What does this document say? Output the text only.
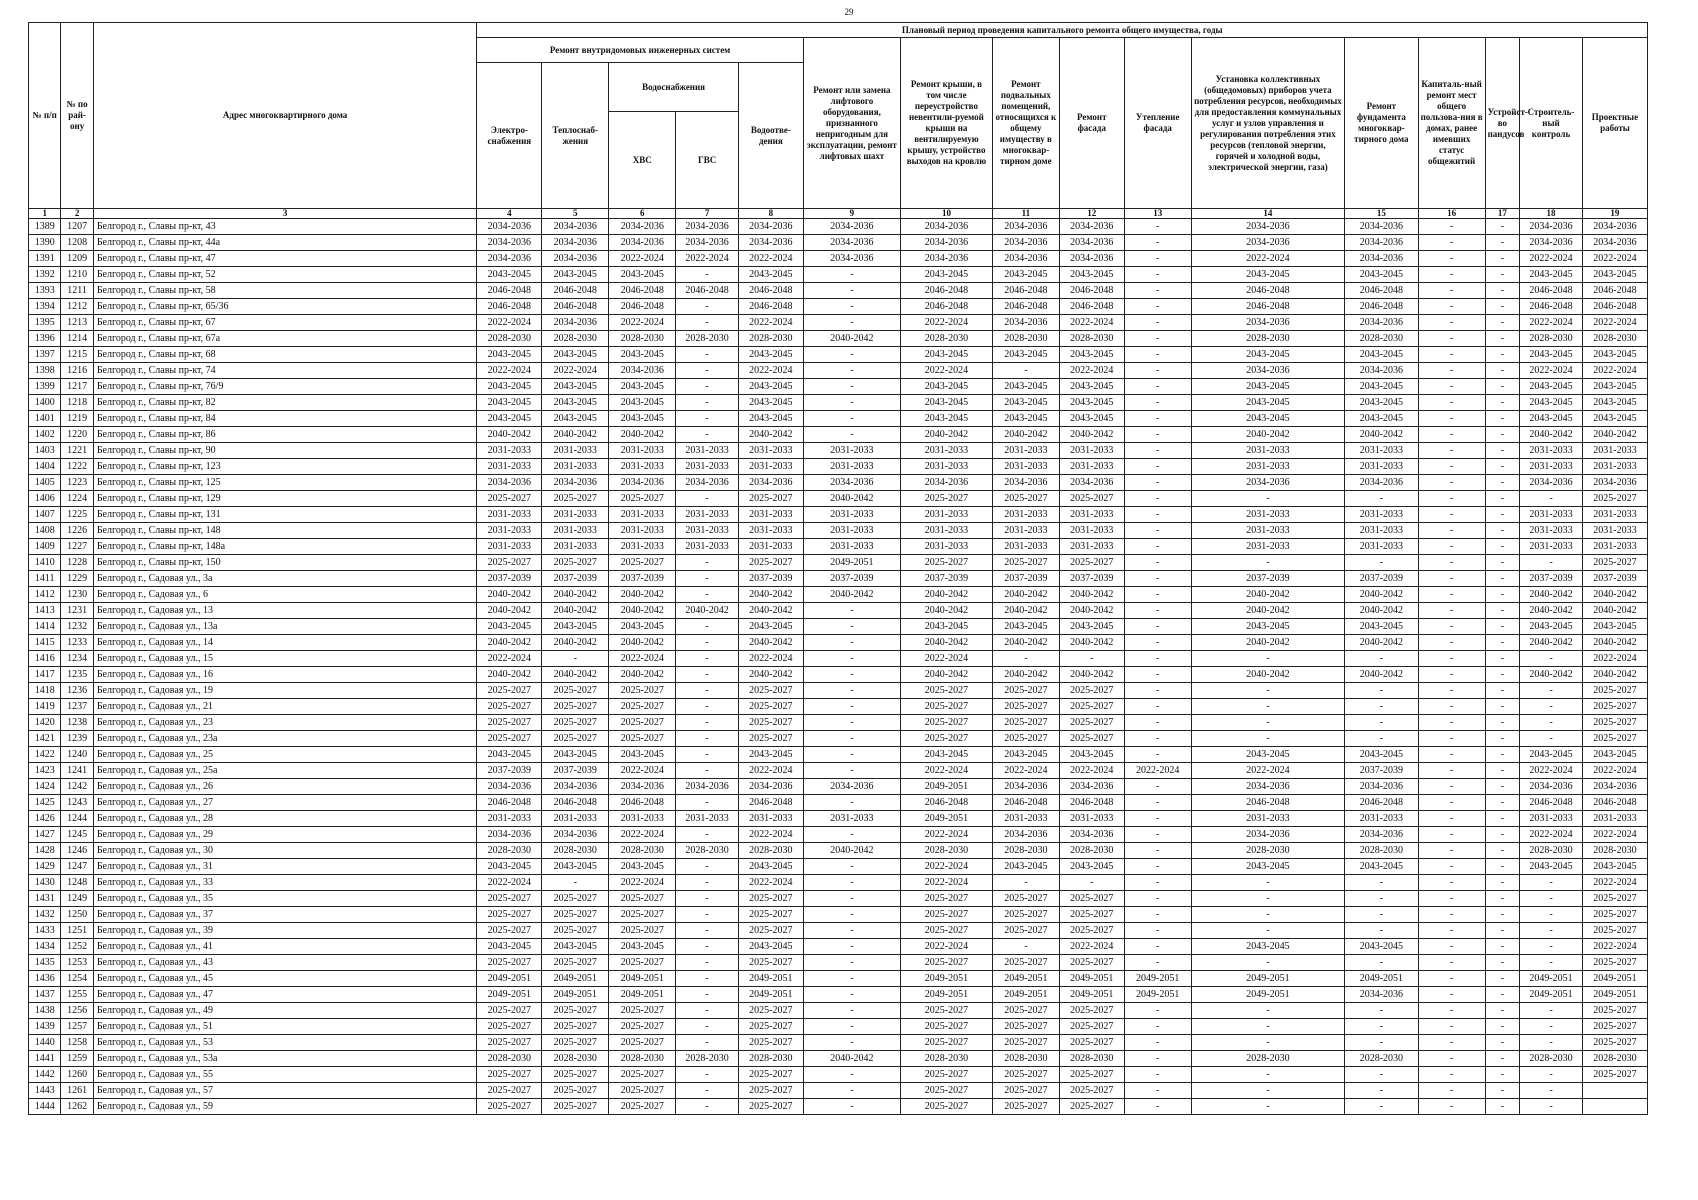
29
№ п/п	№ по рай-ону	Адрес многоквартирного дома	Плановый период проведения капитального ремонта общего имущества, годы															
			Ремонт внутридомовых инженерных систем					Ремонт или замена лифтового оборудования, признанного непригодным для эксплуатации, ремонт лифтовых шахт	Ремонт крыши, в том числе переустройство невентили-руемой крыши на вентилируемую крышу, устройство выходов на кровлю	Ремонт подвальных помещений, относящихся к общему имуществу в многоквар-тирном доме	Ремонт фасада	Утепление фасада	Установка коллективных (общедомовых) приборов учета потребления ресурсов, необходимых для предоставления коммунальных услуг и узлов управления и регулирования потребления этих ресурсов (тепловой энергии, горячей и холодной воды, электрической энергии, газа)	Ремонт фундамента многоквар-тирного дома	Капиталь-ный ремонт мест общего пользова-ния в домах, ранее имевших статус общежитий	Устройст-во пандусов	Строитель-ный контроль	Проектные работы
			Электро-снабжения	Теплоснаб-жения	Водоснабжения		Водоотве-дения											
					ХВС	ГВС												
1	2	3	4	5	6	7	8	9	10	11	12	13	14	15	16	17	18	19
1389	1207	Белгород г., Славы пр-кт, 43	2034-2036	2034-2036	2034-2036	2034-2036	2034-2036	2034-2036	2034-2036	2034-2036	2034-2036	-	2034-2036	2034-2036	-	-	2034-2036	2034-2036
1390	1208	Белгород г., Славы пр-кт, 44а	2034-2036	2034-2036	2034-2036	2034-2036	2034-2036	2034-2036	2034-2036	2034-2036	2034-2036	-	2034-2036	2034-2036	-	-	2034-2036	2034-2036
1391	1209	Белгород г., Славы пр-кт, 47	2034-2036	2034-2036	2022-2024	2022-2024	2022-2024	2034-2036	2034-2036	2034-2036	2034-2036	-	2022-2024	2034-2036	-	-	2022-2024	2022-2024
1392	1210	Белгород г., Славы пр-кт, 52	2043-2045	2043-2045	2043-2045	-	2043-2045	-	2043-2045	2043-2045	2043-2045	-	2043-2045	2043-2045	-	-	2043-2045	2043-2045
1393	1211	Белгород г., Славы пр-кт, 58	2046-2048	2046-2048	2046-2048	2046-2048	2046-2048	-	2046-2048	2046-2048	2046-2048	-	2046-2048	2046-2048	-	-	2046-2048	2046-2048
1394	1212	Белгород г., Славы пр-кт, 65/36	2046-2048	2046-2048	2046-2048	-	2046-2048	-	2046-2048	2046-2048	2046-2048	-	2046-2048	2046-2048	-	-	2046-2048	2046-2048
1395	1213	Белгород г., Славы пр-кт, 67	2022-2024	2034-2036	2022-2024	-	2022-2024	-	2022-2024	2034-2036	2022-2024	-	2034-2036	2034-2036	-	-	2022-2024	2022-2024
1396	1214	Белгород г., Славы пр-кт, 67а	2028-2030	2028-2030	2028-2030	2028-2030	2028-2030	2040-2042	2028-2030	2028-2030	2028-2030	-	2028-2030	2028-2030	-	-	2028-2030	2028-2030
1397	1215	Белгород г., Славы пр-кт, 68	2043-2045	2043-2045	2043-2045	-	2043-2045	-	2043-2045	2043-2045	2043-2045	-	2043-2045	2043-2045	-	-	2043-2045	2043-2045
1398	1216	Белгород г., Славы пр-кт, 74	2022-2024	2022-2024	2034-2036	-	2022-2024	-	2022-2024	-	2022-2024	-	2034-2036	2034-2036	-	-	2022-2024	2022-2024
1399	1217	Белгород г., Славы пр-кт, 76/9	2043-2045	2043-2045	2043-2045	-	2043-2045	-	2043-2045	2043-2045	2043-2045	-	2043-2045	2043-2045	-	-	2043-2045	2043-2045
1400	1218	Белгород г., Славы пр-кт, 82	2043-2045	2043-2045	2043-2045	-	2043-2045	-	2043-2045	2043-2045	2043-2045	-	2043-2045	2043-2045	-	-	2043-2045	2043-2045
1401	1219	Белгород г., Славы пр-кт, 84	2043-2045	2043-2045	2043-2045	-	2043-2045	-	2043-2045	2043-2045	2043-2045	-	2043-2045	2043-2045	-	-	2043-2045	2043-2045
1402	1220	Белгород г., Славы пр-кт, 86	2040-2042	2040-2042	2040-2042	-	2040-2042	-	2040-2042	2040-2042	2040-2042	-	2040-2042	2040-2042	-	-	2040-2042	2040-2042
1403	1221	Белгород г., Славы пр-кт, 90	2031-2033	2031-2033	2031-2033	2031-2033	2031-2033	2031-2033	2031-2033	2031-2033	2031-2033	-	2031-2033	2031-2033	-	-	2031-2033	2031-2033
1404	1222	Белгород г., Славы пр-кт, 123	2031-2033	2031-2033	2031-2033	2031-2033	2031-2033	2031-2033	2031-2033	2031-2033	2031-2033	-	2031-2033	2031-2033	-	-	2031-2033	2031-2033
1405	1223	Белгород г., Славы пр-кт, 125	2034-2036	2034-2036	2034-2036	2034-2036	2034-2036	2034-2036	2034-2036	2034-2036	2034-2036	-	2034-2036	2034-2036	-	-	2034-2036	2034-2036
1406	1224	Белгород г., Славы пр-кт, 129	2025-2027	2025-2027	2025-2027	-	2025-2027	2040-2042	2025-2027	2025-2027	2025-2027	-	-	-	-	-	-	2025-2027
1407	1225	Белгород г., Славы пр-кт, 131	2031-2033	2031-2033	2031-2033	2031-2033	2031-2033	2031-2033	2031-2033	2031-2033	2031-2033	-	2031-2033	2031-2033	-	-	2031-2033	2031-2033
1408	1226	Белгород г., Славы пр-кт, 148	2031-2033	2031-2033	2031-2033	2031-2033	2031-2033	2031-2033	2031-2033	2031-2033	2031-2033	-	2031-2033	2031-2033	-	-	2031-2033	2031-2033
1409	1227	Белгород г., Славы пр-кт, 148а	2031-2033	2031-2033	2031-2033	2031-2033	2031-2033	2031-2033	2031-2033	2031-2033	2031-2033	-	2031-2033	2031-2033	-	-	2031-2033	2031-2033
1410	1228	Белгород г., Славы пр-кт, 150	2025-2027	2025-2027	2025-2027	-	2025-2027	2049-2051	2025-2027	2025-2027	2025-2027	-	-	-	-	-	-	2025-2027
1411	1229	Белгород г., Садовая ул., 3а	2037-2039	2037-2039	2037-2039	-	2037-2039	2037-2039	2037-2039	2037-2039	2037-2039	-	2037-2039	2037-2039	-	-	2037-2039	2037-2039
1412	1230	Белгород г., Садовая ул., 6	2040-2042	2040-2042	2040-2042	-	2040-2042	2040-2042	2040-2042	2040-2042	2040-2042	-	2040-2042	2040-2042	-	-	2040-2042	2040-2042
1413	1231	Белгород г., Садовая ул., 13	2040-2042	2040-2042	2040-2042	2040-2042	2040-2042	-	2040-2042	2040-2042	2040-2042	-	2040-2042	2040-2042	-	-	2040-2042	2040-2042
1414	1232	Белгород г., Садовая ул., 13а	2043-2045	2043-2045	2043-2045	-	2043-2045	-	2043-2045	2043-2045	2043-2045	-	2043-2045	2043-2045	-	-	2043-2045	2043-2045
1415	1233	Белгород г., Садовая ул., 14	2040-2042	2040-2042	2040-2042	-	2040-2042	-	2040-2042	2040-2042	2040-2042	-	2040-2042	2040-2042	-	-	2040-2042	2040-2042
1416	1234	Белгород г., Садовая ул., 15	2022-2024	-	2022-2024	-	2022-2024	-	2022-2024	-	-	-	-	-	-	-	-	2022-2024
1417	1235	Белгород г., Садовая ул., 16	2040-2042	2040-2042	2040-2042	-	2040-2042	-	2040-2042	2040-2042	2040-2042	-	2040-2042	2040-2042	-	-	2040-2042	2040-2042
1418	1236	Белгород г., Садовая ул., 19	2025-2027	2025-2027	2025-2027	-	2025-2027	-	2025-2027	2025-2027	2025-2027	-	-	-	-	-	-	2025-2027
1419	1237	Белгород г., Садовая ул., 21	2025-2027	2025-2027	2025-2027	-	2025-2027	-	2025-2027	2025-2027	2025-2027	-	-	-	-	-	-	2025-2027
1420	1238	Белгород г., Садовая ул., 23	2025-2027	2025-2027	2025-2027	-	2025-2027	-	2025-2027	2025-2027	2025-2027	-	-	-	-	-	-	2025-2027
1421	1239	Белгород г., Садовая ул., 23а	2025-2027	2025-2027	2025-2027	-	2025-2027	-	2025-2027	2025-2027	2025-2027	-	-	-	-	-	-	2025-2027
1422	1240	Белгород г., Садовая ул., 25	2043-2045	2043-2045	2043-2045	-	2043-2045	-	2043-2045	2043-2045	2043-2045	-	2043-2045	2043-2045	-	-	2043-2045	2043-2045
1423	1241	Белгород г., Садовая ул., 25а	2037-2039	2037-2039	2022-2024	-	2022-2024	-	2022-2024	2022-2024	2022-2024	2022-2024	2022-2024	2037-2039	-	-	2022-2024	2022-2024
1424	1242	Белгород г., Садовая ул., 26	2034-2036	2034-2036	2034-2036	2034-2036	2034-2036	2034-2036	2049-2051	2034-2036	2034-2036	-	2034-2036	2034-2036	-	-	2034-2036	2034-2036
1425	1243	Белгород г., Садовая ул., 27	2046-2048	2046-2048	2046-2048	-	2046-2048	-	2046-2048	2046-2048	2046-2048	-	2046-2048	2046-2048	-	-	2046-2048	2046-2048
1426	1244	Белгород г., Садовая ул., 28	2031-2033	2031-2033	2031-2033	2031-2033	2031-2033	2031-2033	2049-2051	2031-2033	2031-2033	-	2031-2033	2031-2033	-	-	2031-2033	2031-2033
1427	1245	Белгород г., Садовая ул., 29	2034-2036	2034-2036	2022-2024	-	2022-2024	-	2022-2024	2034-2036	2034-2036	-	2034-2036	2034-2036	-	-	2022-2024	2022-2024
1428	1246	Белгород г., Садовая ул., 30	2028-2030	2028-2030	2028-2030	2028-2030	2028-2030	2040-2042	2028-2030	2028-2030	2028-2030	-	2028-2030	2028-2030	-	-	2028-2030	2028-2030
1429	1247	Белгород г., Садовая ул., 31	2043-2045	2043-2045	2043-2045	-	2043-2045	-	2022-2024	2043-2045	2043-2045	-	2043-2045	2043-2045	-	-	2043-2045	2043-2045
1430	1248	Белгород г., Садовая ул., 33	2022-2024	-	2022-2024	-	2022-2024	-	2022-2024	-	-	-	-	-	-	-	-	2022-2024
1431	1249	Белгород г., Садовая ул., 35	2025-2027	2025-2027	2025-2027	-	2025-2027	-	2025-2027	2025-2027	2025-2027	-	-	-	-	-	-	2025-2027
1432	1250	Белгород г., Садовая ул., 37	2025-2027	2025-2027	2025-2027	-	2025-2027	-	2025-2027	2025-2027	2025-2027	-	-	-	-	-	-	2025-2027
1433	1251	Белгород г., Садовая ул., 39	2025-2027	2025-2027	2025-2027	-	2025-2027	-	2025-2027	2025-2027	2025-2027	-	-	-	-	-	-	2025-2027
1434	1252	Белгород г., Садовая ул., 41	2043-2045	2043-2045	2043-2045	-	2043-2045	-	2022-2024	-	2022-2024	-	2043-2045	2043-2045	-	-	-	2022-2024
1435	1253	Белгород г., Садовая ул., 43	2025-2027	2025-2027	2025-2027	-	2025-2027	-	2025-2027	2025-2027	2025-2027	-	-	-	-	-	-	2025-2027
1436	1254	Белгород г., Садовая ул., 45	2049-2051	2049-2051	2049-2051	-	2049-2051	-	2049-2051	2049-2051	2049-2051	2049-2051	2049-2051	2049-2051	-	-	2049-2051	2049-2051
1437	1255	Белгород г., Садовая ул., 47	2049-2051	2049-2051	2049-2051	-	2049-2051	-	2049-2051	2049-2051	2049-2051	2049-2051	2049-2051	2034-2036	-	-	2049-2051	2049-2051
1438	1256	Белгород г., Садовая ул., 49	2025-2027	2025-2027	2025-2027	-	2025-2027	-	2025-2027	2025-2027	2025-2027	-	-	-	-	-	-	2025-2027
1439	1257	Белгород г., Садовая ул., 51	2025-2027	2025-2027	2025-2027	-	2025-2027	-	2025-2027	2025-2027	2025-2027	-	-	-	-	-	-	2025-2027
1440	1258	Белгород г., Садовая ул., 53	2025-2027	2025-2027	2025-2027	-	2025-2027	-	2025-2027	2025-2027	2025-2027	-	-	-	-	-	-	2025-2027
1441	1259	Белгород г., Садовая ул., 53а	2028-2030	2028-2030	2028-2030	2028-2030	2028-2030	2040-2042	2028-2030	2028-2030	2028-2030	-	2028-2030	2028-2030	-	-	2028-2030	2028-2030
1442	1260	Белгород г., Садовая ул., 55	2025-2027	2025-2027	2025-2027	-	2025-2027	-	2025-2027	2025-2027	2025-2027	-	-	-	-	-	-	2025-2027
1443	1261	Белгород г., Садовая ул., 57	2025-2027	2025-2027	2025-2027	-	2025-2027	-	2025-2027	2025-2027	2025-2027	-	-	-	-	-	-	
1444	1262	Белгород г., Садовая ул., 59	2025-2027	2025-2027	2025-2027	-	2025-2027	-	2025-2027	2025-2027	2025-2027	-	-	-	-	-	-	
